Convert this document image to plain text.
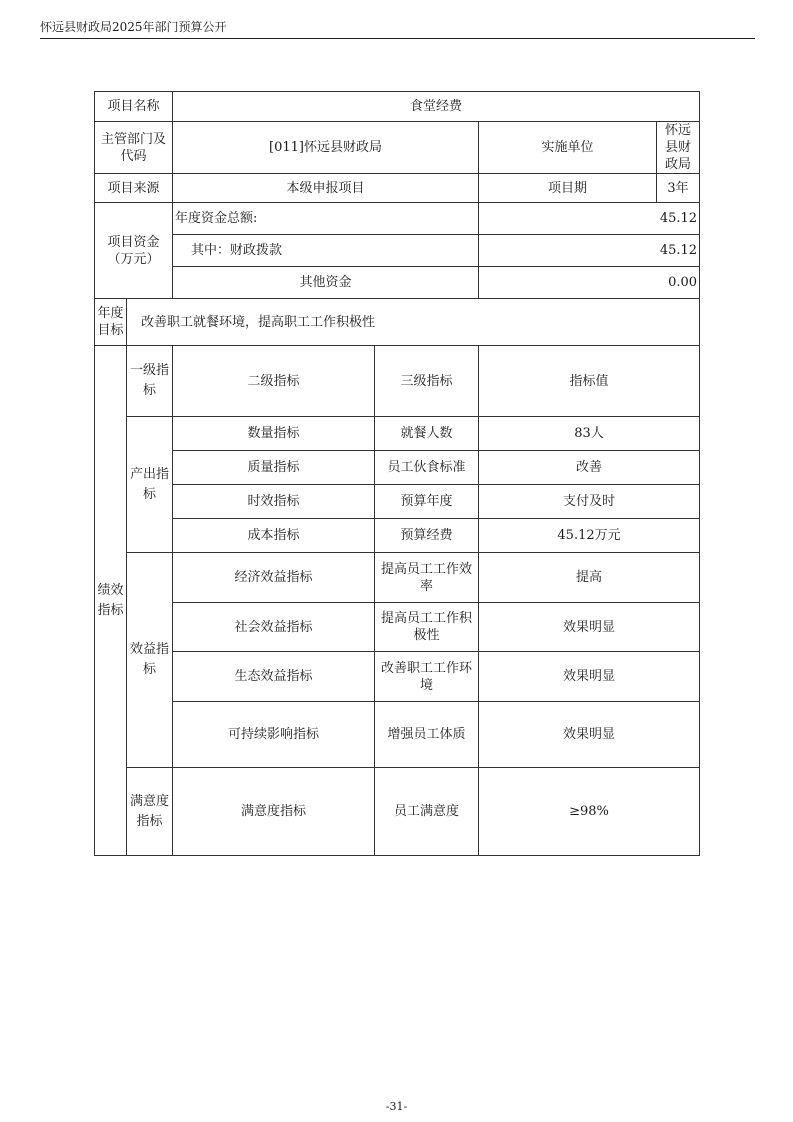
怀远县财政局2025年部门预算公开
项目名称		食堂经费			
主管部门及代码		[011]怀远县财政局		实施单位	怀远县财政局
项目来源		本级申报项目		项目期	3年
项目资金（万元）		年度资金总额:		45.12	
		其中：财政拨款		45.12	
		其他资金		0.00	
年度目标	改善职工就餐环境，提高职工工作积极性				
绩效指标	一级指标	二级指标	三级指标	指标值	
	产出指标	数量指标	就餐人数	83人	
		质量指标	员工伙食标准	改善	
		时效指标	预算年度	支付及时	
		成本指标	预算经费	45.12万元	
	效益指标	经济效益指标	提高员工工作效率	提高	
		社会效益指标	提高员工工作积极性	效果明显	
		生态效益指标	改善职工工作环境	效果明显	
		可持续影响指标	增强员工体质	效果明显	
	满意度指标	满意度指标	员工满意度	≥98%	
-31-
